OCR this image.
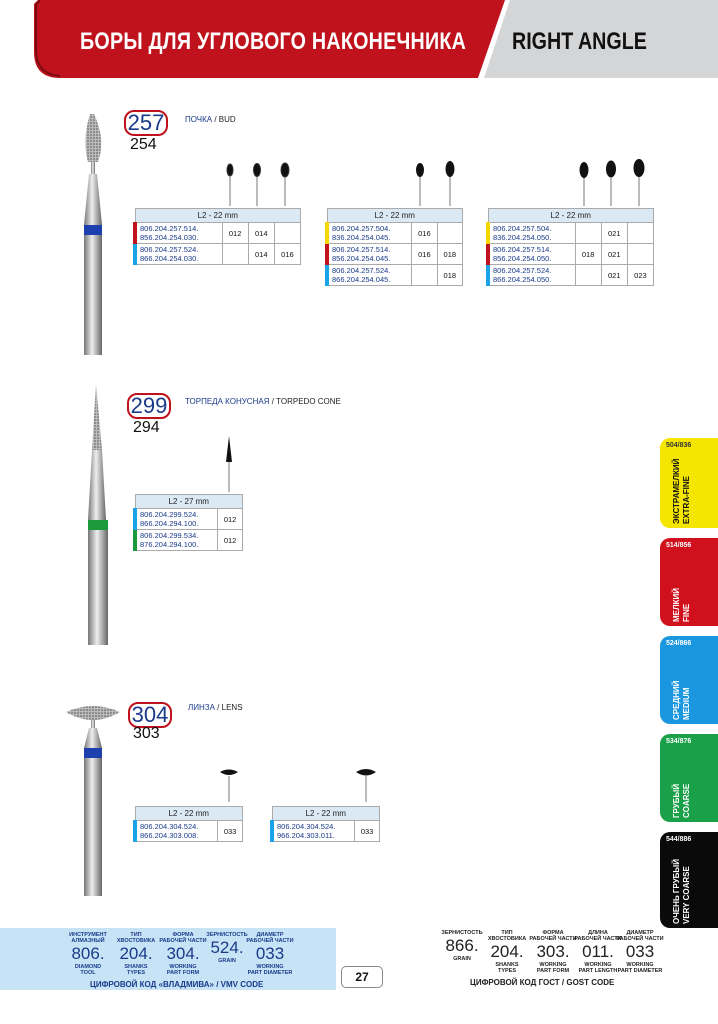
БОРЫ ДЛЯ УГЛОВОГО НАКОНЕЧНИКА RIGHT ANGLE
257
254
ПОЧКА / BUD
L2 - 22 mm			
806.204.257.514.
856.204.254.030.	012	014	
806.204.257.524.
866.204.254.030.		014	016
L2 - 22 mm		
806.204.257.504.
836.204.254.045.	016	
806.204.257.514.
856.204.254.045.	016	018
806.204.257.524.
866.204.254.045.		018
L2 - 22 mm			
806.204.257.504.
836.204.254.050.		021	
806.204.257.514.
856.204.254.050.	018	021	
806.204.257.524.
866.204.254.050.		021	023
299
294
ТОРПЕДА КОНУСНАЯ / TORPEDO CONE
L2 - 27 mm	
806.204.299.524.
866.204.294.100.	012
806.204.299.534.
876.204.294.100.	012
304
303
ЛИНЗА / LENS
L2 - 22 mm
806.204.304.524.
866.204.303.008.	033
L2 - 22 mm
806.204.304.524.
966.204.303.011.	033
504/836
ЭКСТРАМЕЛКИЙ
EXTRA-FINE
514/856
МЕЛКИЙ
FINE
524/866
СРЕДНИЙ
MEDIUM
534/876
ГРУБЫЙ
COARSE
544/886
ОЧЕНЬ ГРУБЫЙ
VERY COARSE
ИНСТРУМЕНТ
АЛМАЗНЫЙ
806.
DIAMOND
TOOL
ТИП
ХВОСТОВИКА
204.
SHANKS
TYPES
ФОРМА
РАБОЧЕЙ ЧАСТИ
304.
WORKING
PART FORM
ЗЕРНИСТОСТЬ
524.
GRAIN
ДИАМЕТР
РАБОЧЕЙ ЧАСТИ
033
WORKING
PART DIAMETER
ЦИФРОВОЙ КОД «ВЛАДМИВА» / VMV CODE
27
ЗЕРНИСТОСТЬ
866.
GRAIN
ТИП
ХВОСТОВИКА
204.
SHANKS
TYPES
ФОРМА
РАБОЧЕЙ ЧАСТИ
303.
WORKING
PART FORM
ДЛИНА
РАБОЧЕЙ ЧАСТИ
011.
WORKING
PART LENGTH
ДИАМЕТР
РАБОЧЕЙ ЧАСТИ
033
WORKING
PART DIAMETER
ЦИФРОВОЙ КОД ГОСТ / GOST CODE
